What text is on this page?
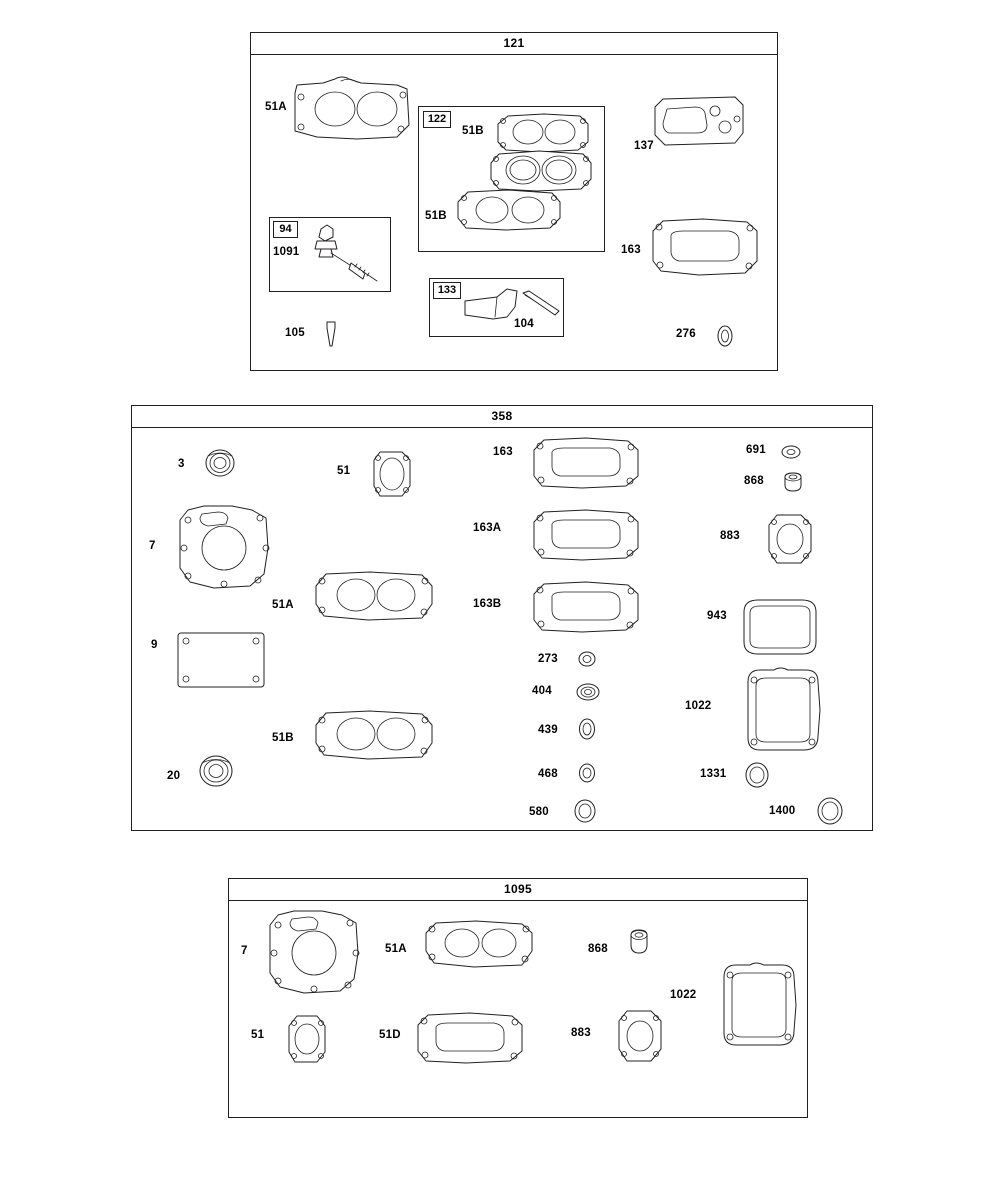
121
122
94
133
51A
51B
51B
137
163
1091
105
104
276
358
3
51
163	691
868
163A
883
7
51A	163B
943
9
273
404
1022
439
51B
468	1331
20
580	1400
1095
7	51A	868
1022
51	51D	883
